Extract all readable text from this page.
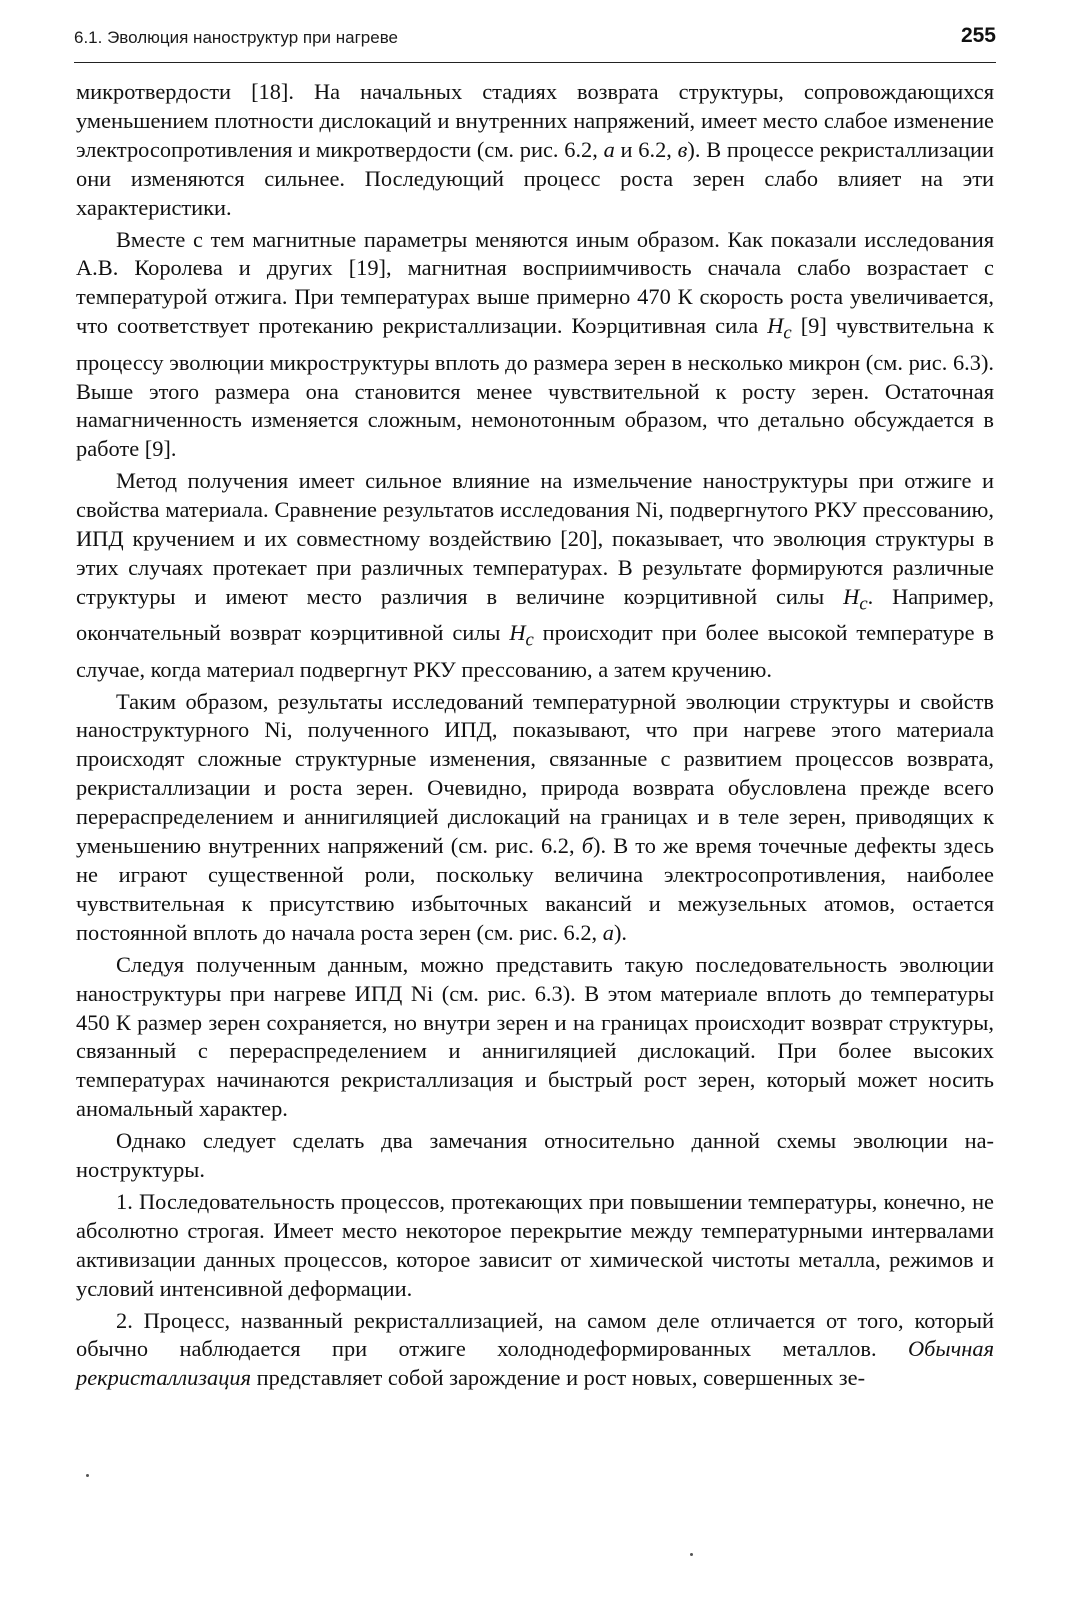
6.1. Эволюция наноструктур при нагреве	255

микротвердости [18]. На начальных стадиях возврата структуры, сопровождающихся уменьшением плотности дислокаций и внутренних напряжений, имеет место слабое изменение электросопротивления и микротвердости (см. рис. 6.2, а и 6.2, в). В процессе рекристаллизации они изменяются сильнее. Последующий процесс роста зерен слабо влияет на эти характеристики.

Вместе с тем магнитные параметры меняются иным образом. Как показали исследования А.В. Королева и других [19], магнитная восприимчивость сначала слабо возрастает с температурой отжига. При температурах выше примерно 470 К скорость роста увеличивается, что соответствует протеканию рекристаллизации. Коэрцитивная сила $H_c$ [9] чувствительна к процессу эволюции микроструктуры вплоть до размера зерен в несколько микрон (см. рис. 6.3). Выше этого размера она становится менее чувствительной к росту зерен. Остаточная намагниченность изменяется сложным, немонотонным образом, что детально обсуждается в работе [9].

Метод получения имеет сильное влияние на измельчение наноструктуры при отжиге и свойства материала. Сравнение результатов исследования Ni, подвергнутого РКУ прессованию, ИПД кручением и их совместному воздействию [20], показывает, что эволюция структуры в этих случаях протекает при различных температурах. В результате формируются различные структуры и имеют место различия в величине коэрцитивной силы $H_c$. Например, окончательный возврат коэрцитивной силы $H_c$ происходит при более высокой температуре в случае, когда материал подвергнут РКУ прессованию, а затем кручению.

Таким образом, результаты исследований температурной эволюции структуры и свойств наноструктурного Ni, полученного ИПД, показывают, что при нагреве этого материала происходят сложные структурные изменения, связанные с развитием процессов возврата, рекристаллизации и роста зерен. Очевидно, природа возврата обусловлена прежде всего перераспределением и аннигиляцией дислокаций на границах и в теле зерен, приводящих к уменьшению внутренних напряжений (см. рис. 6.2, б). В то же время точечные дефекты здесь не играют существенной роли, поскольку величина электросопротивления, наиболее чувствительная к присутствию избыточных вакансий и межузельных атомов, остается постоянной вплоть до начала роста зерен (см. рис. 6.2, а).

Следуя полученным данным, можно представить такую последовательность эволюции наноструктуры при нагреве ИПД Ni (см. рис. 6.3). В этом материале вплоть до температуры 450 К размер зерен сохраняется, но внутри зерен и на границах происходит возврат структуры, связанный с перераспределением и аннигиляцией дислокаций. При более высоких температурах начинаются рекристаллизация и быстрый рост зерен, который может носить аномальный характер.

Однако следует сделать два замечания относительно данной схемы эволюции наноструктуры.

1. Последовательность процессов, протекающих при повышении температуры, конечно, не абсолютно строгая. Имеет место некоторое перекрытие между температурными интервалами активизации данных процессов, которое зависит от химической чистоты металла, режимов и условий интенсивной деформации.

2. Процесс, названный рекристаллизацией, на самом деле отличается от того, который обычно наблюдается при отжиге холоднодеформированных металлов. Обычная рекристаллизация представляет собой зарождение и рост новых, совершенных зе-
